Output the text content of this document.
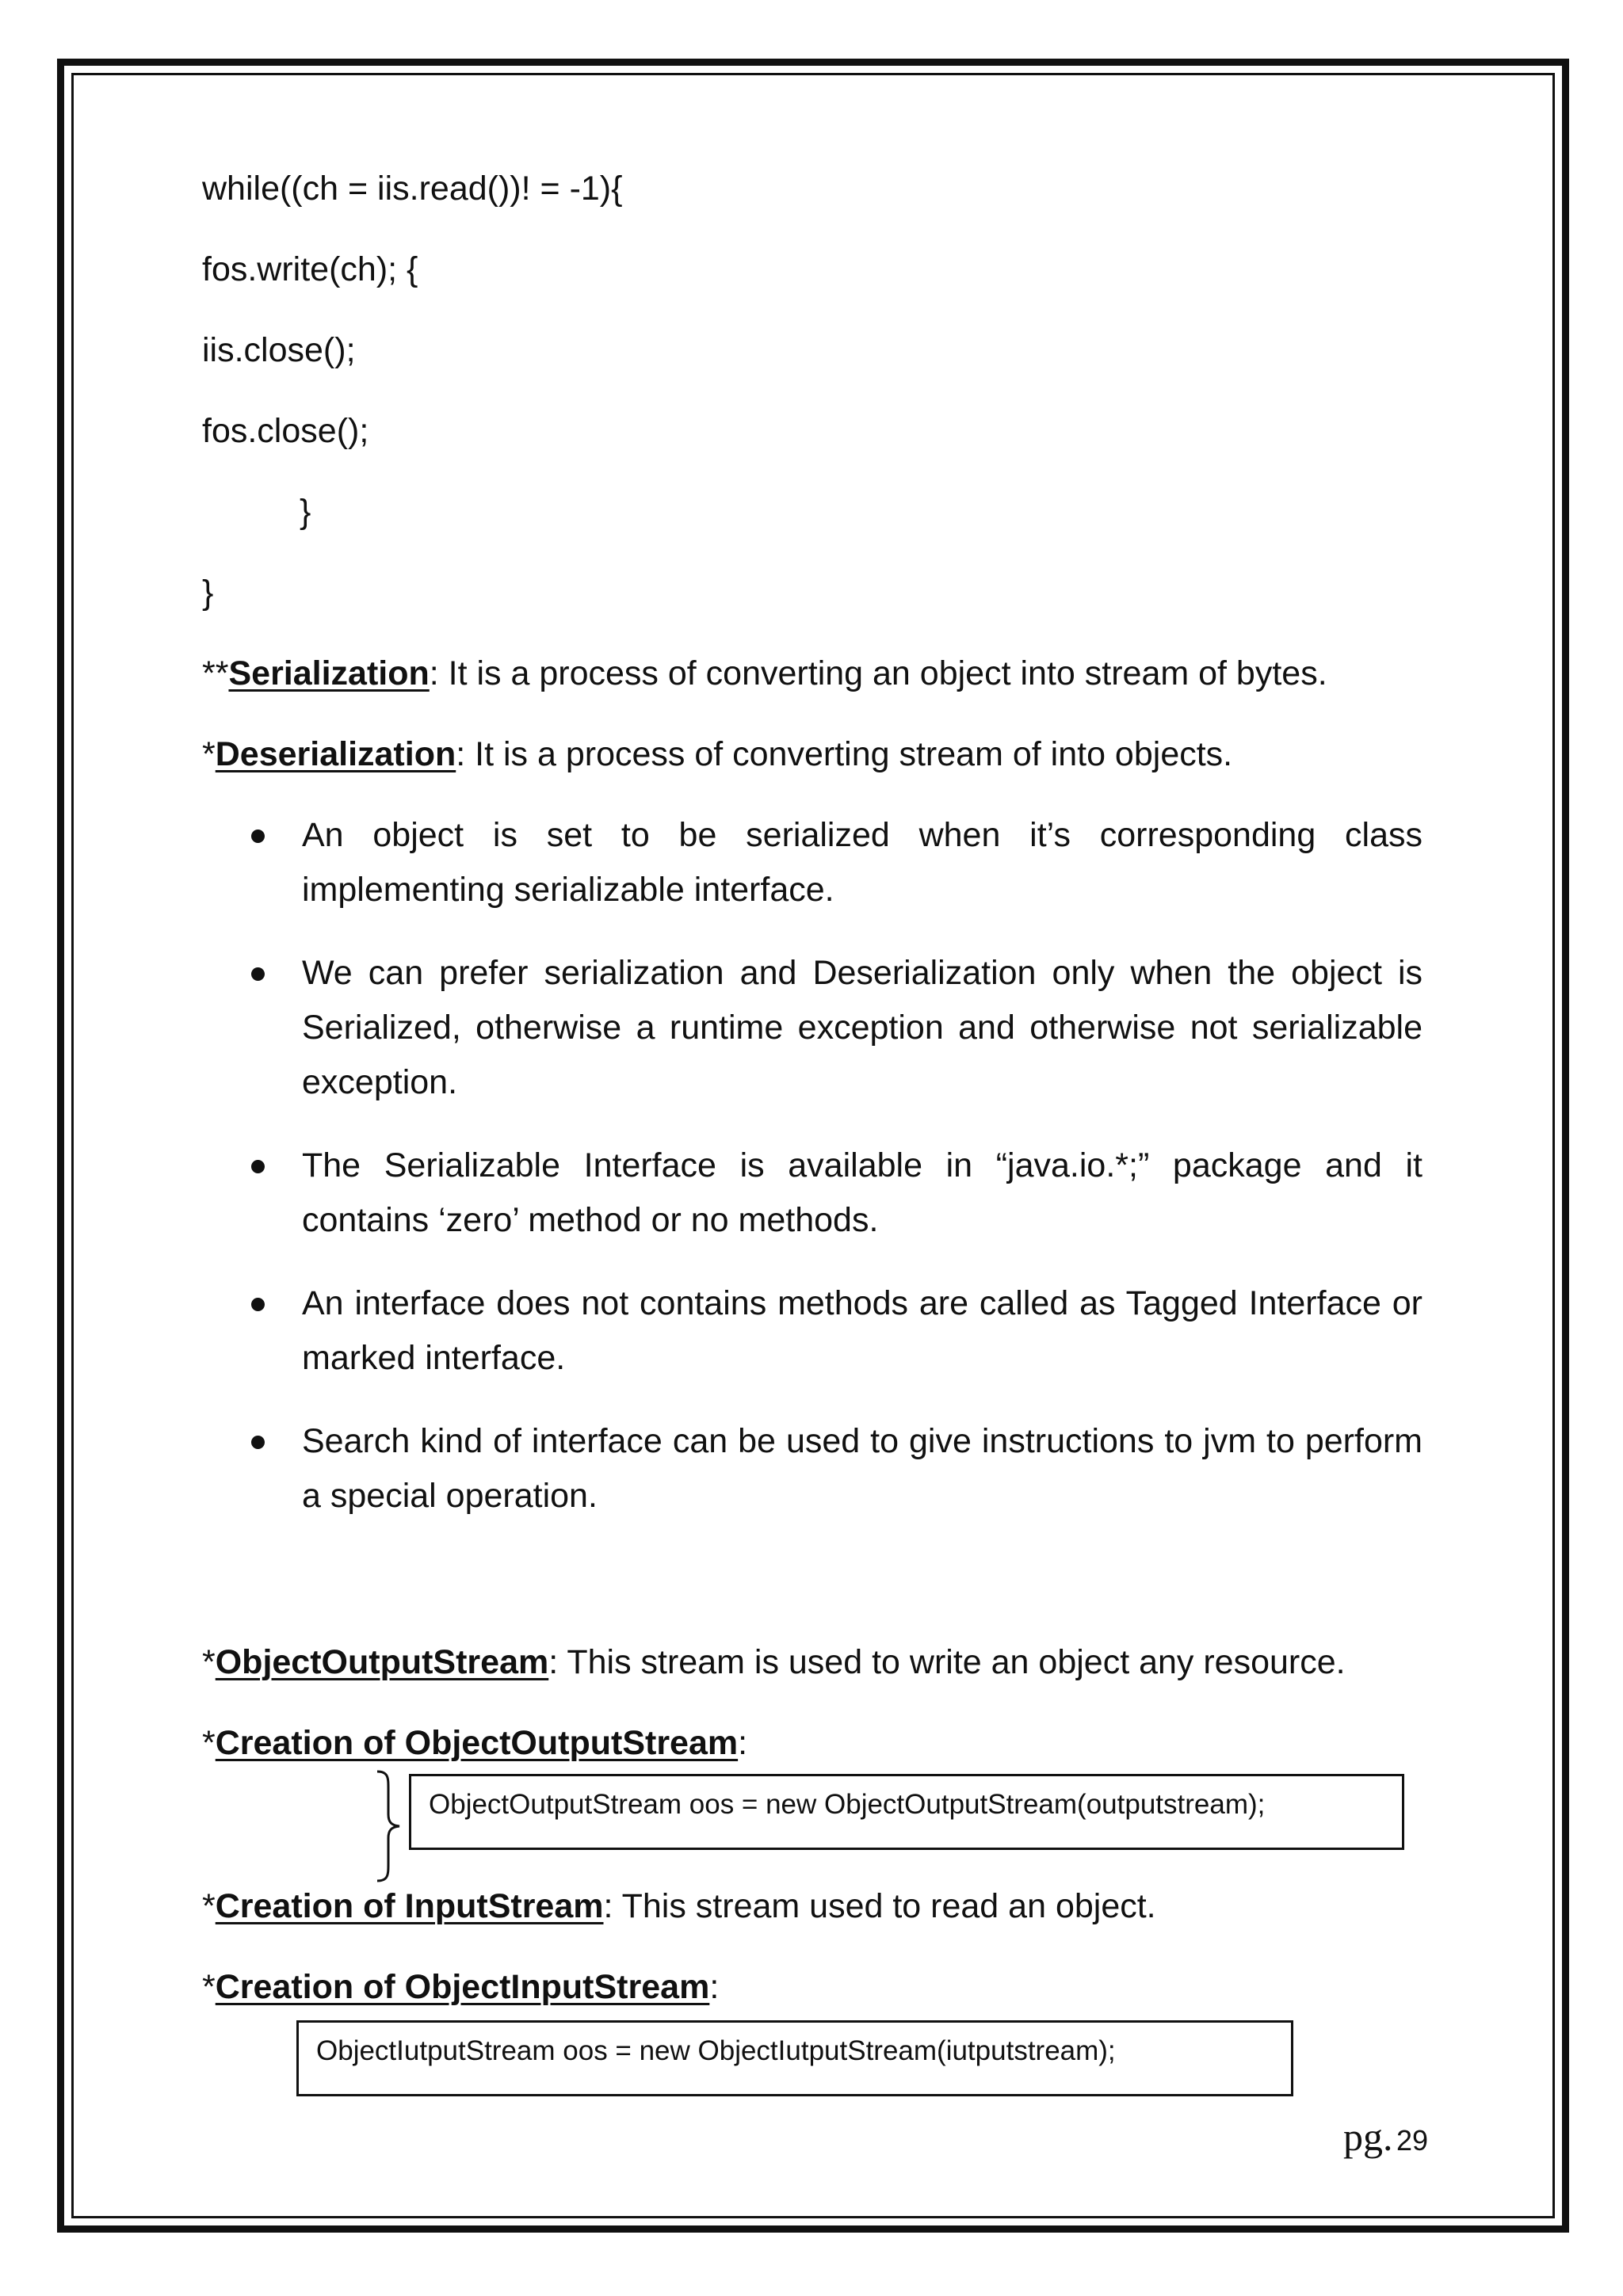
while((ch = iis.read())! = -1){
fos.write(ch); {
iis.close();
fos.close();
}
}
**Serialization: It is a process of converting an object into stream of bytes.
*Deserialization: It is a process of converting stream of into objects.
An object is set to be serialized when it’s corresponding class implementing serializable interface.
We can prefer serialization and Deserialization only when the object is Serialized, otherwise a runtime exception and otherwise not serializable exception.
The Serializable Interface is available in “java.io.*;” package and it contains ‘zero’ method or no methods.
An interface does not contains methods are called as Tagged Interface or marked interface.
Search kind of interface can be used to give instructions to jvm to perform a special operation.
*ObjectOutputStream: This stream is used to write an object any resource.
*Creation of ObjectOutputStream:
ObjectOutputStream oos = new ObjectOutputStream(outputstream);
*Creation of InputStream: This stream used to read an object.
*Creation of ObjectInputStream:
ObjectIutputStream oos = new ObjectIutputStream(iutputstream);
pg. 29
